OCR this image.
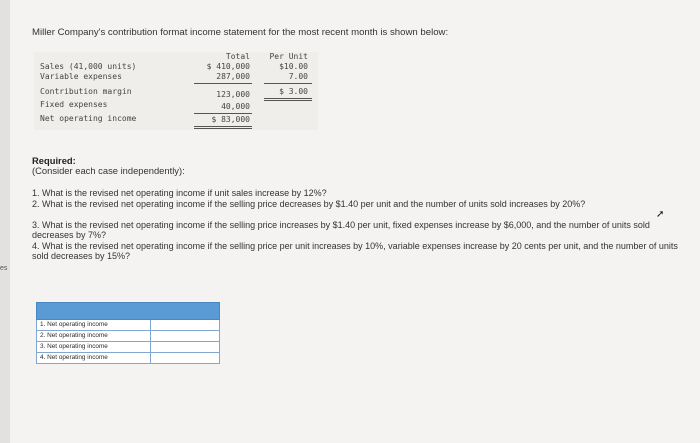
es
Miller Company's contribution format income statement for the most recent month is shown below:
Total Per Unit
Sales (41,000 units)	$ 410,000	$10.00
Variable expenses	287,000	7.00
Contribution margin	123,000	$ 3.00
Fixed expenses	40,000
Net operating income	$ 83,000
Required:
(Consider each case independently):
1. What is the revised net operating income if unit sales increase by 12%?
2. What is the revised net operating income if the selling price decreases by $1.40 per unit and the number of units sold increases by 20%?
3. What is the revised net operating income if the selling price increases by $1.40 per unit, fixed expenses increase by $6,000, and the number of units sold decreases by 7%?
4. What is the revised net operating income if the selling price per unit increases by 10%, variable expenses increase by 20 cents per unit, and the number of units sold decreases by 15%?
➚
1. Net operating income
2. Net operating income
3. Net operating income
4. Net operating income
